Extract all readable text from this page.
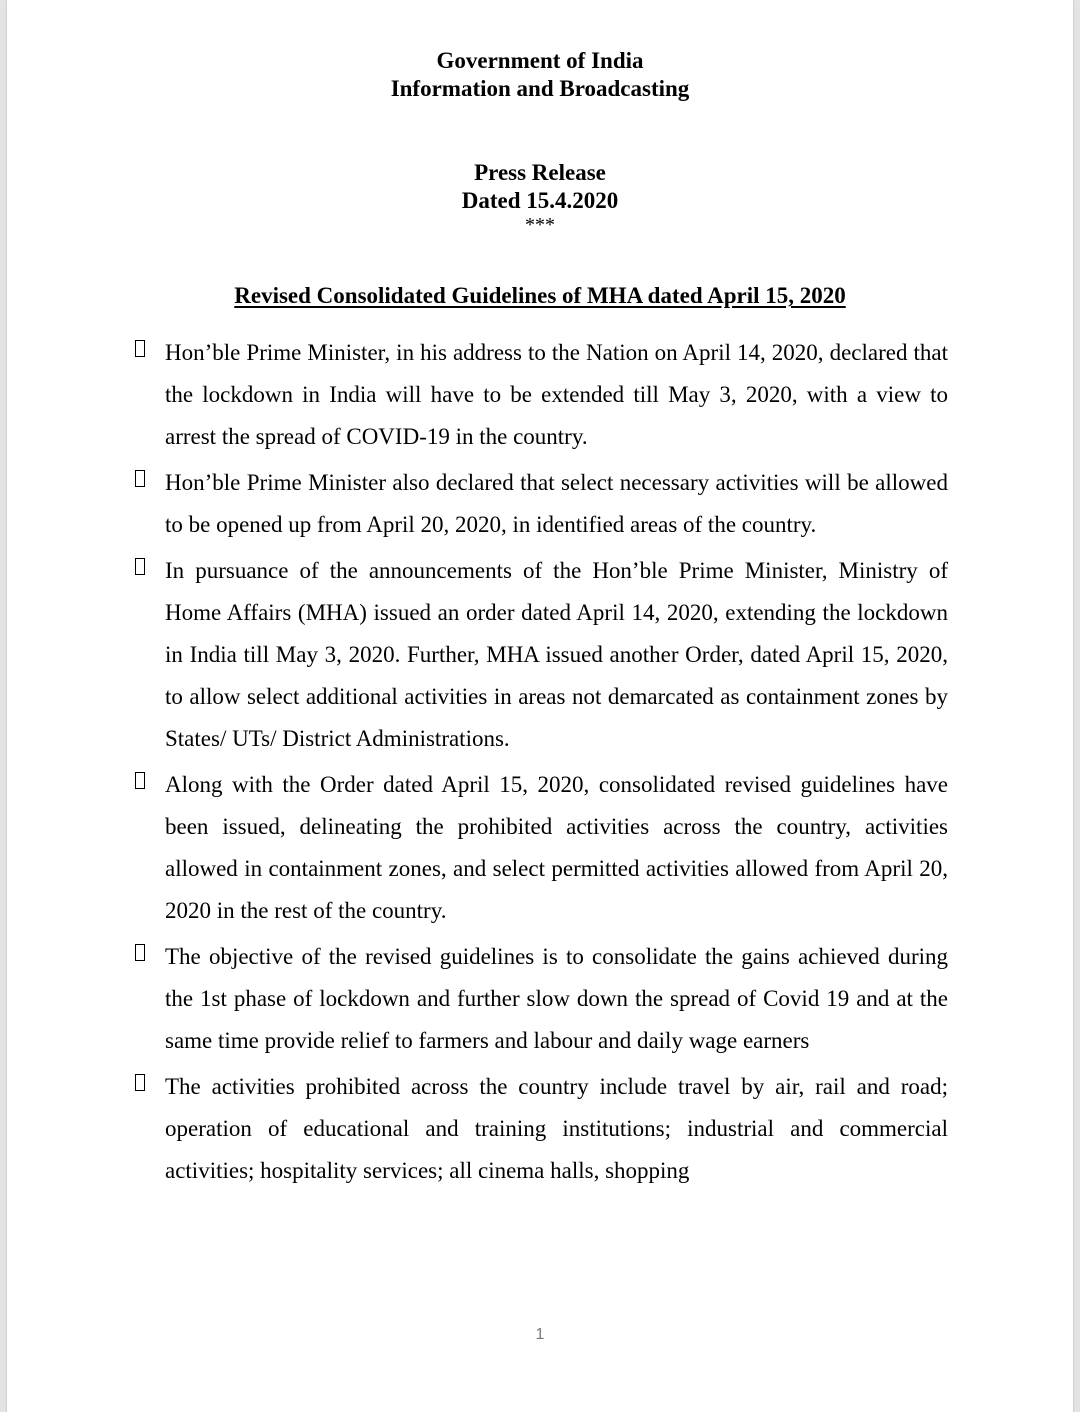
Government of India
Information and Broadcasting
Press Release
Dated 15.4.2020
***
Revised Consolidated Guidelines of MHA dated April 15, 2020
Hon’ble Prime Minister, in his address to the Nation on April 14, 2020, declared that the lockdown in India will have to be extended till May 3, 2020, with a view to arrest the spread of COVID-19 in the country.
Hon’ble Prime Minister also declared that select necessary activities will be allowed to be opened up from April 20, 2020, in identified areas of the country.
In pursuance of the announcements of the Hon’ble Prime Minister, Ministry of Home Affairs (MHA) issued an order dated April 14, 2020, extending the lockdown in India till May 3, 2020. Further, MHA issued another Order, dated April 15, 2020, to allow select additional activities in areas not demarcated as containment zones by States/ UTs/ District Administrations.
Along with the Order dated April 15, 2020, consolidated revised guidelines have been issued, delineating the prohibited activities across the country, activities allowed in containment zones, and select permitted activities allowed from April 20, 2020 in the rest of the country.
The objective of the revised guidelines is to consolidate the gains achieved during the 1st phase of lockdown and further slow down the spread of Covid 19 and at the same time provide relief to farmers and labour and daily wage earners
The activities prohibited across the country include travel by air, rail and road; operation of educational and training institutions; industrial and commercial activities; hospitality services; all cinema halls, shopping
1
